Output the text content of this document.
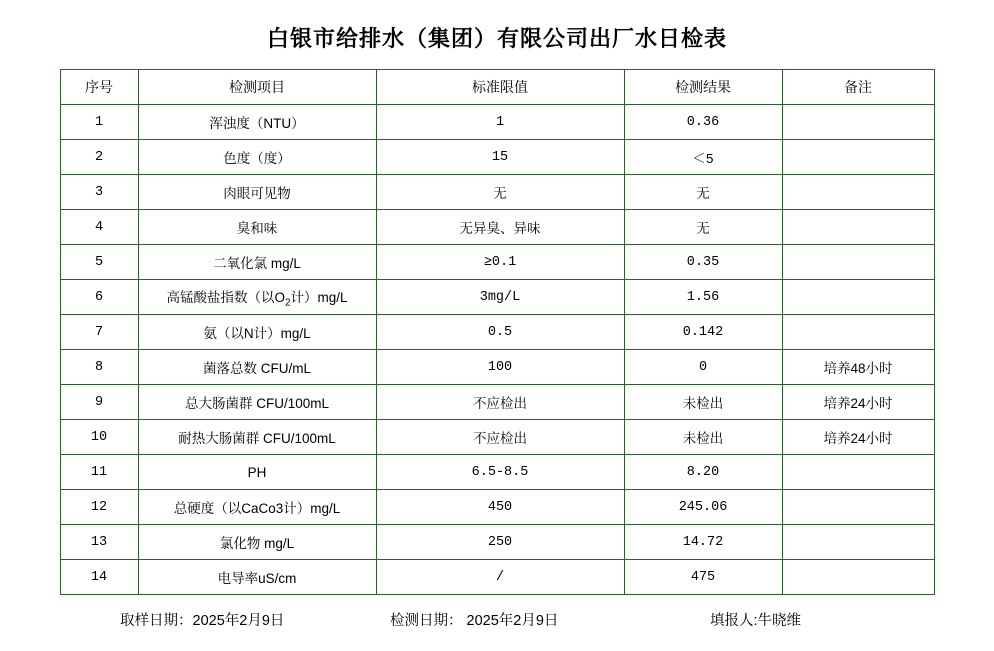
白银市给排水（集团）有限公司出厂水日检表
序号	检测项目	标准限值	检测结果	备注
1	浑浊度（NTU）	1	0.36	
2	色度（度）	15	＜5	
3	肉眼可见物	无	无	
4	臭和味	无异臭、异味	无	
5	二氧化氯 mg/L	≥0.1	0.35	
6	高锰酸盐指数（以$O_2$计）mg/L	3mg/L	1.56	
7	氨（以N计）mg/L	0.5	0.142	
8	菌落总数 CFU/mL	100	0	培养48小时
9	总大肠菌群 CFU/100mL	不应检出	未检出	培养24小时
10	耐热大肠菌群 CFU/100mL	不应检出	未检出	培养24小时
11	PH	6.5-8.5	8.20	
12	总硬度（以CaCo3计）mg/L	450	245.06	
13	氯化物 mg/L	250	14.72	
14	电导率uS/cm	/	475	
取样日期：2025年2月9日	检测日期： 2025年2月9日	填报人:牛晓维
